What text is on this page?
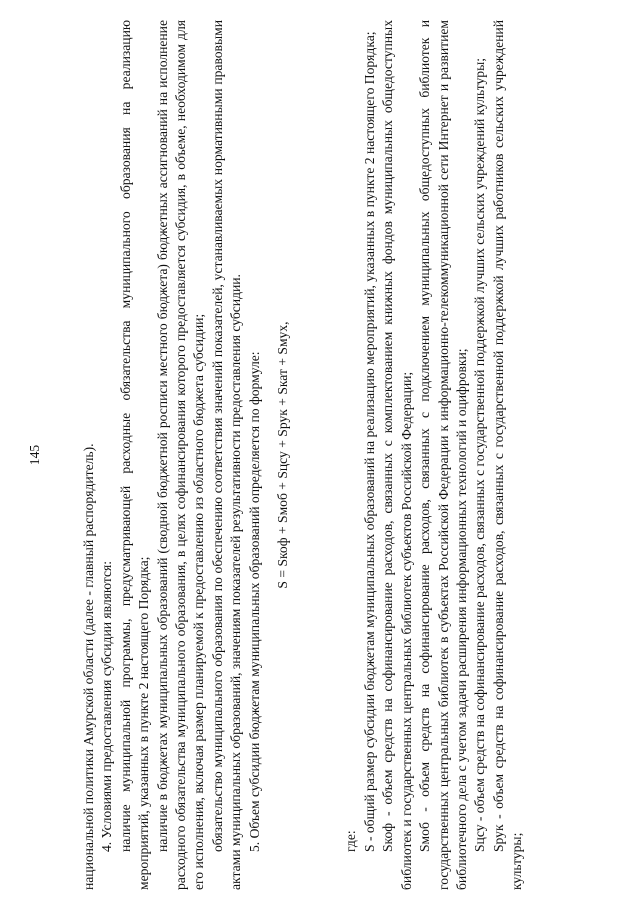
145	национальной политики Амурской области (далее - главный распорядитель). 4. Условиями предоставления субсидии являются: наличие муниципальной программы, предусматривающей расходные обязательства муниципального образования на реализацию мероприятий, указанных в пункте 2 настоящего Порядка; наличие в бюджетах муниципальных образований (сводной бюджетной росписи местного бюджета) бюджетных ассигнований на исполнение расходного обязательства муниципального образования, в целях софинансирования которого предоставляется субсидия, в объеме, необходимом для его исполнения, включая размер планируемой к предоставлению из областного бюджета субсидии; обязательство муниципального образования по обеспечению соответствия значений показателей, устанавливаемых нормативными правовыми актами муниципальных образований, значениям показателей результативности предоставления субсидии. 5. Объем субсидии бюджетам муниципальных образований определяется по формуле: S = Sкоф + Sмоб + Sцсу + Sрук + Sкат + Sмух,

где: S - общий размер субсидии бюджетам муниципальных образований на реализацию мероприятий, указанных в пункте 2 настоящего Порядка; Sкоф - объем средств на софинансирование расходов, связанных с комплектованием книжных фондов муниципальных общедоступных библиотек и государственных центральных библиотек субъектов Российской Федерации; Sмоб - объем средств на софинансирование расходов, связанных с подключением муниципальных общедоступных библиотек и государственных центральных библиотек в субъектах Российской Федерации к информационно-телекоммуникационной сети Интернет и развитием библиотечного дела с учетом задачи расширения информационных технологий и оцифровки; Sцсу - объем средств на софинансирование расходов, связанных с государственной поддержкой лучших сельских учреждений культуры; Sрук - объем средств на софинансирование расходов, связанных с государственной поддержкой лучших работников сельских учреждений культуры;
